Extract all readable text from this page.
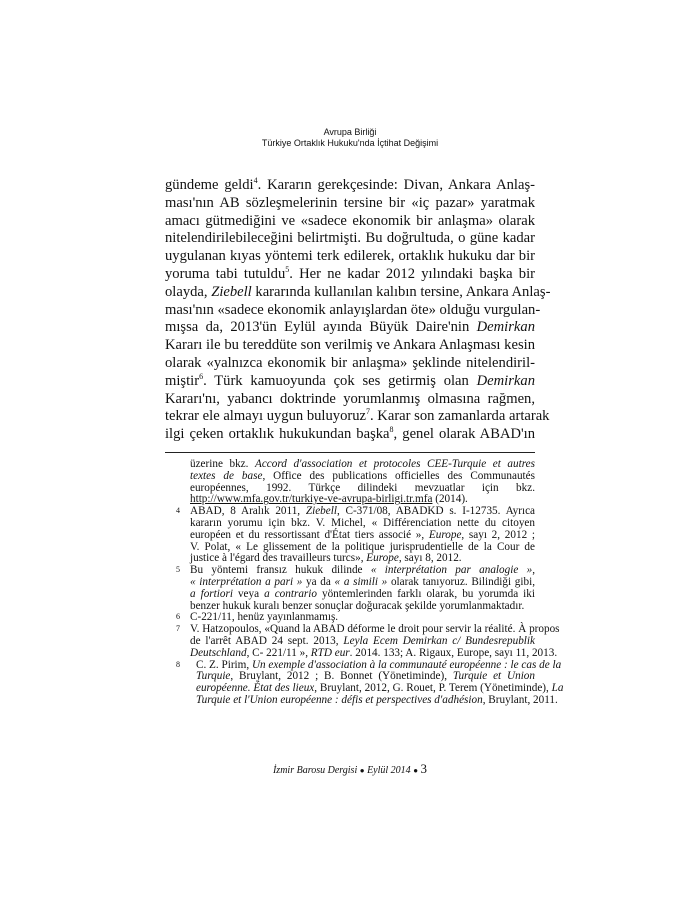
Avrupa Birliği
Türkiye Ortaklık Hukuku'nda İçtihat Değişimi
gündeme geldi$^4$. Kararın gerekçesinde: Divan, Ankara Anlaş-
ması'nın AB sözleşmelerinin tersine bir «iç pazar» yaratmak
amacı gütmediğini ve «sadece ekonomik bir anlaşma» olarak
nitelendirilebileceğini belirtmişti. Bu doğrultuda, o güne kadar
uygulanan kıyas yöntemi terk edilerek, ortaklık hukuku dar bir
yoruma tabi tutuldu$^5$. Her ne kadar 2012 yılındaki başka bir
olayda, Ziebell kararında kullanılan kalıbın tersine, Ankara Anlaş-
ması'nın «sadece ekonomik anlayışlardan öte» olduğu vurgulan-
mışsa da, 2013'ün Eylül ayında Büyük Daire'nin Demirkan
Kararı ile bu tereddüte son verilmiş ve Ankara Anlaşması kesin
olarak «yalnızca ekonomik bir anlaşma» şeklinde nitelendiril-
miştir$^6$. Türk kamuoyunda çok ses getirmiş olan Demirkan
Kararı'nı, yabancı doktrinde yorumlanmış olmasına rağmen,
tekrar ele almayı uygun buluyoruz$^7$. Karar son zamanlarda artarak
ilgi çeken ortaklık hukukundan başka$^8$, genel olarak ABAD'ın
üzerine bkz. Accord d'association et protocoles CEE-Turquie et autres
textes de base, Office des publications officielles des Communautés
européennes, 1992. Türkçe dilindeki mevzuatlar için bkz.
http://www.mfa.gov.tr/turkiye-ve-avrupa-birligi.tr.mfa (2014).
4 ABAD, 8 Aralık 2011, Ziebell, C-371/08, ABADKD s. I-12735. Ayrıca
kararın yorumu için bkz. V. Michel, « Différenciation nette du citoyen
européen et du ressortissant d'État tiers associé », Europe, sayı 2, 2012 ;
V. Polat, « Le glissement de la politique jurisprudentielle de la Cour de
justice à l'égard des travailleurs turcs», Europe, sayı 8, 2012.
5 Bu yöntemi fransız hukuk dilinde « interprétation par analogie »,
« interprétation a pari » ya da « a simili » olarak tanıyoruz. Bilindiği gibi,
a fortiori veya a contrario yöntemlerinden farklı olarak, bu yorumda iki
benzer hukuk kuralı benzer sonuçlar doğuracak şekilde yorumlanmaktadır.
6 C-221/11, henüz yayınlanmamış.
7 V. Hatzopoulos, «Quand la ABAD déforme le droit pour servir la réalité. À propos
de l'arrêt ABAD 24 sept. 2013, Leyla Ecem Demirkan c/ Bundesrepublik
Deutschland, C- 221/11 », RTD eur. 2014. 133; A. Rigaux, Europe, sayı 11, 2013.
8 C. Z. Pirim, Un exemple d'association à la communauté européenne : le cas de la
Turquie, Bruylant, 2012 ; B. Bonnet (Yönetiminde), Turquie et Union
européenne. État des lieux, Bruylant, 2012, G. Rouet, P. Terem (Yönetiminde), La
Turquie et l'Union européenne : défis et perspectives d'adhésion, Bruylant, 2011.
İzmir Barosu Dergisi ● Eylül 2014 ● 3
